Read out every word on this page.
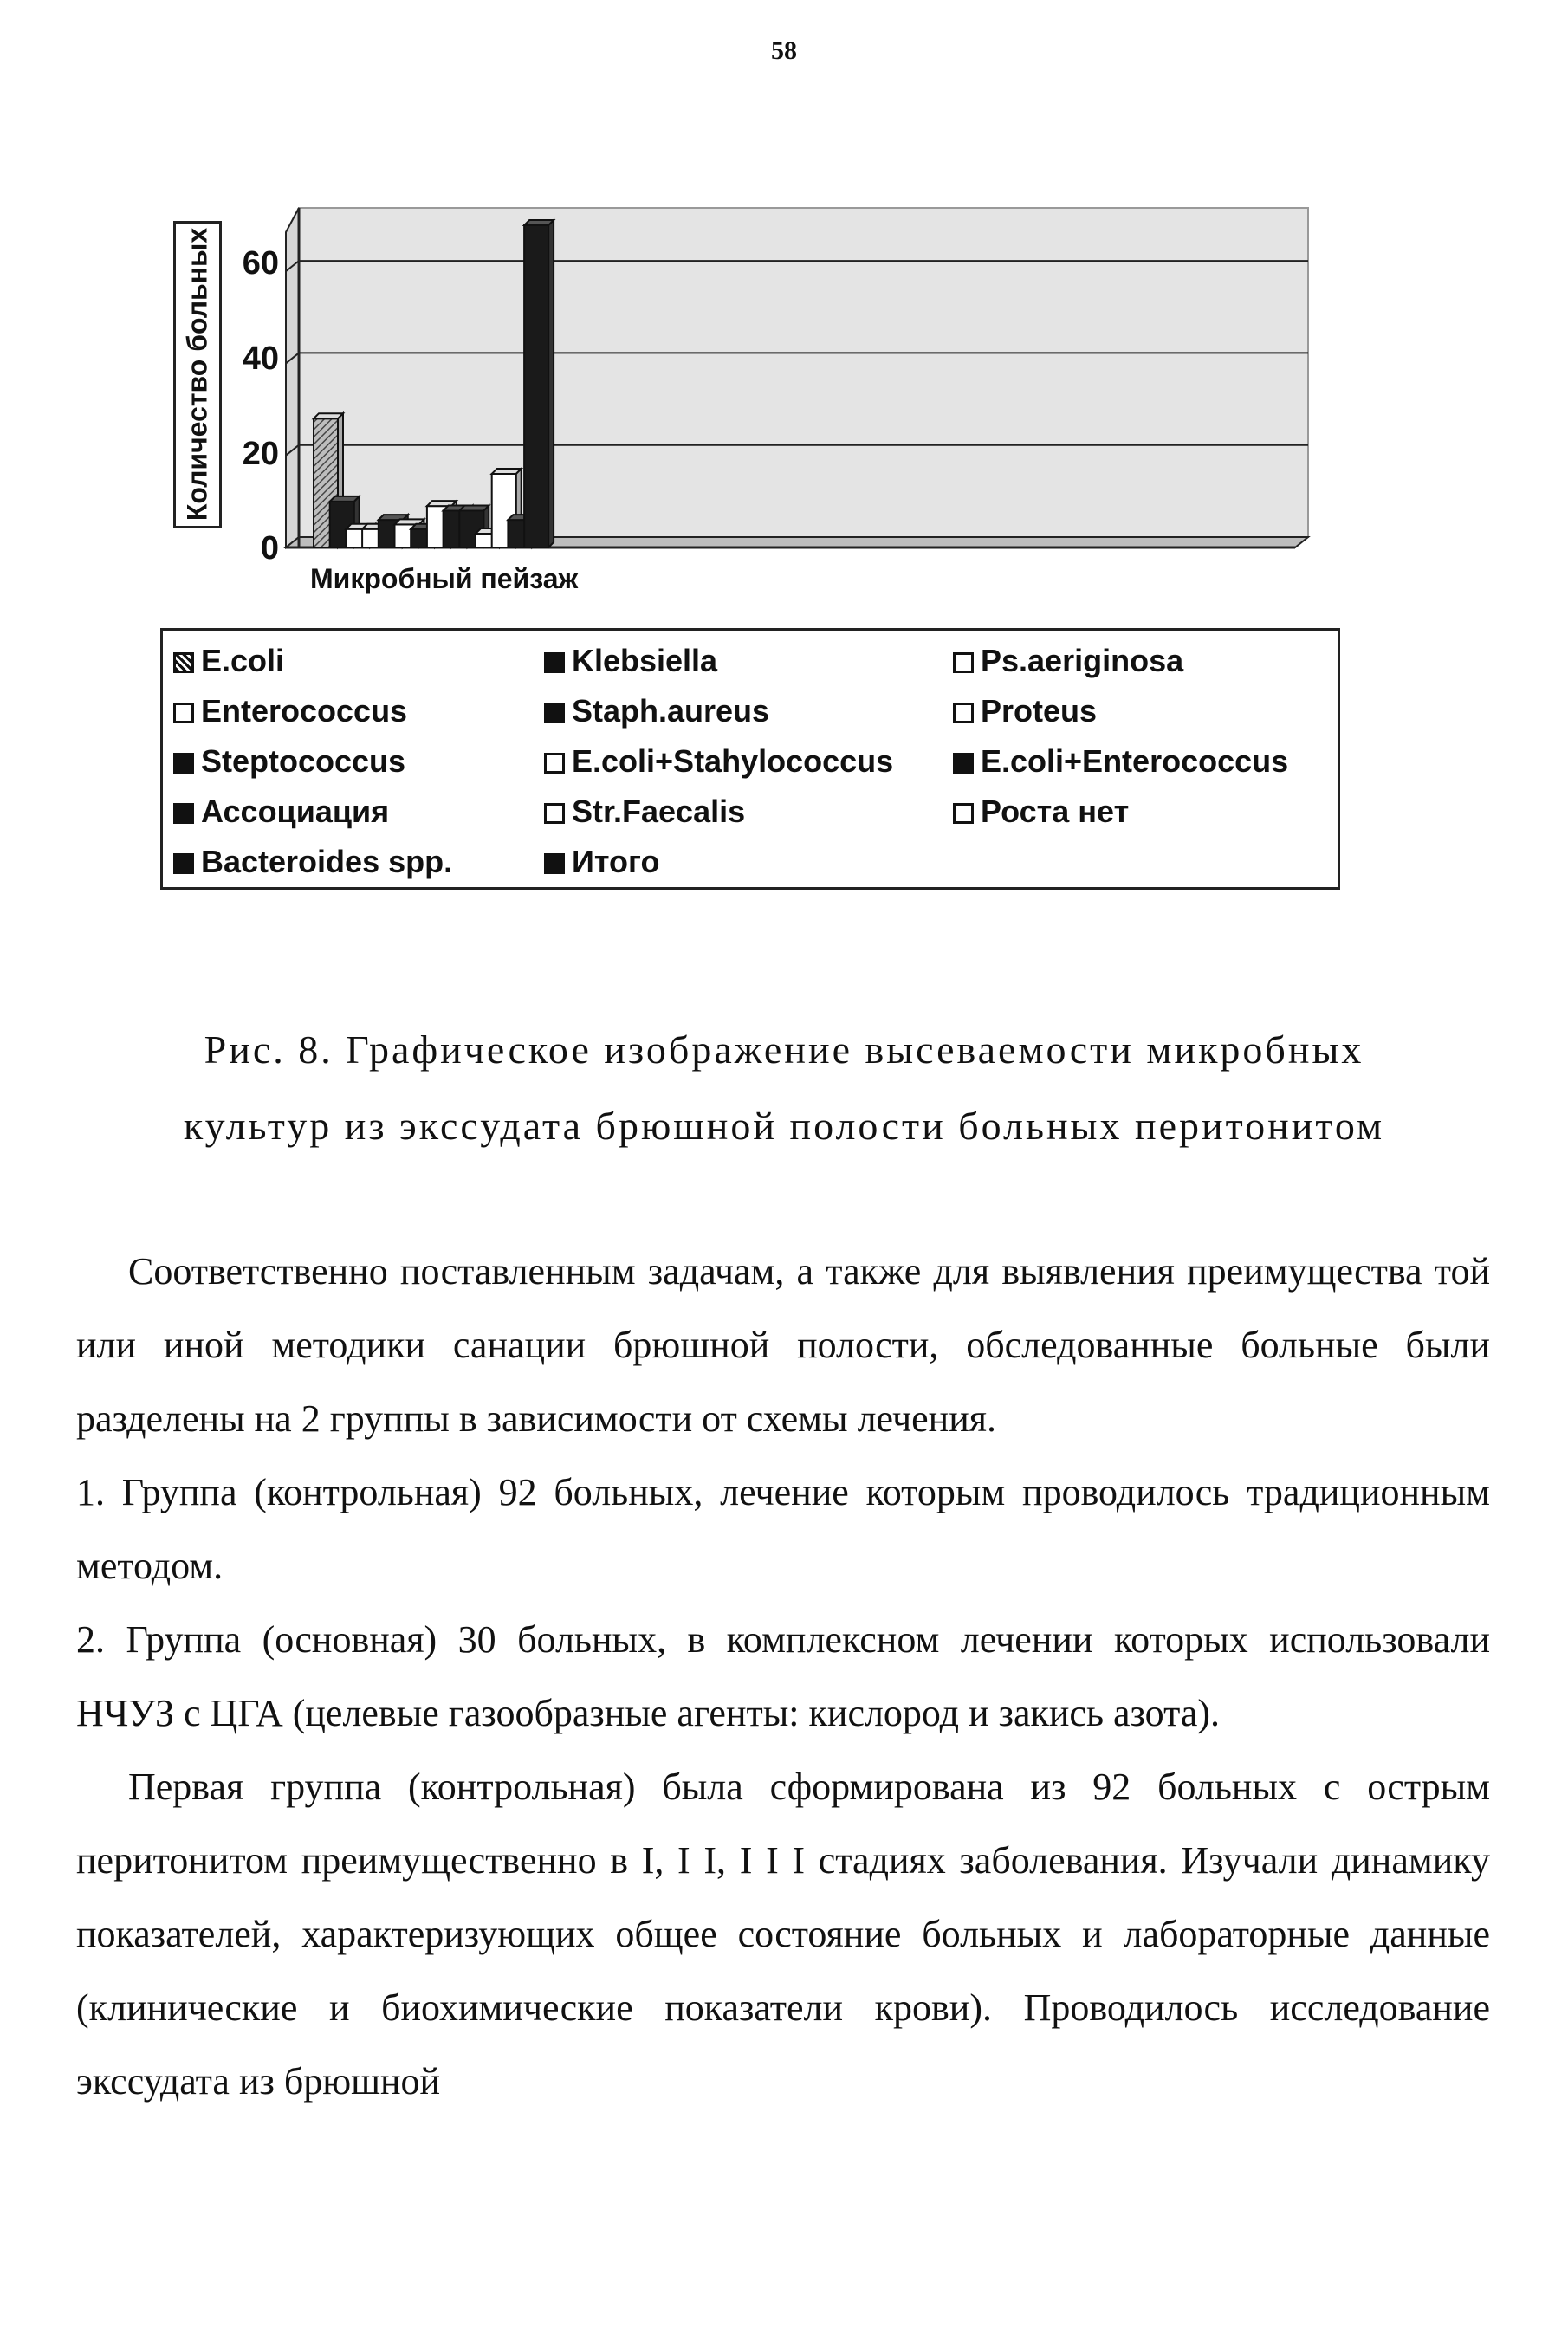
58
Количество больных 60
40
20
0
Микробный пейзаж
E.coli	Klebsiella	Ps.aeriginosa
Enterococcus	Staph.aureus	Proteus
Steptococcus	E.coli+Stahylococcus	E.coli+Enterococcus
Ассоциация	Str.Faecalis	Роста нет
Bacteroides spp.	Итого
Рис. 8. Графическое изображение высеваемости микробных
культур из экссудата брюшной полости больных перитонитом

Соответственно поставленным задачам, а также для выявления преимущества той или иной методики санации брюшной полости, обследованные больные были разделены на 2 группы в зависимости от схемы лечения.

1. Группа (контрольная) 92 больных, лечение которым проводилось традиционным методом.

2. Группа (основная) 30 больных, в комплексном лечении которых использовали НЧУЗ с ЦГА (целевые газообразные агенты: кислород и закись азота).

Первая группа (контрольная) была сформирована из 92 больных с острым перитонитом преимущественно в I, I I, I I I стадиях заболевания. Изучали динамику показателей, характеризующих общее состояние больных и лабораторные данные (клинические и биохимические показатели крови). Проводилось исследование экссудата из брюшной
